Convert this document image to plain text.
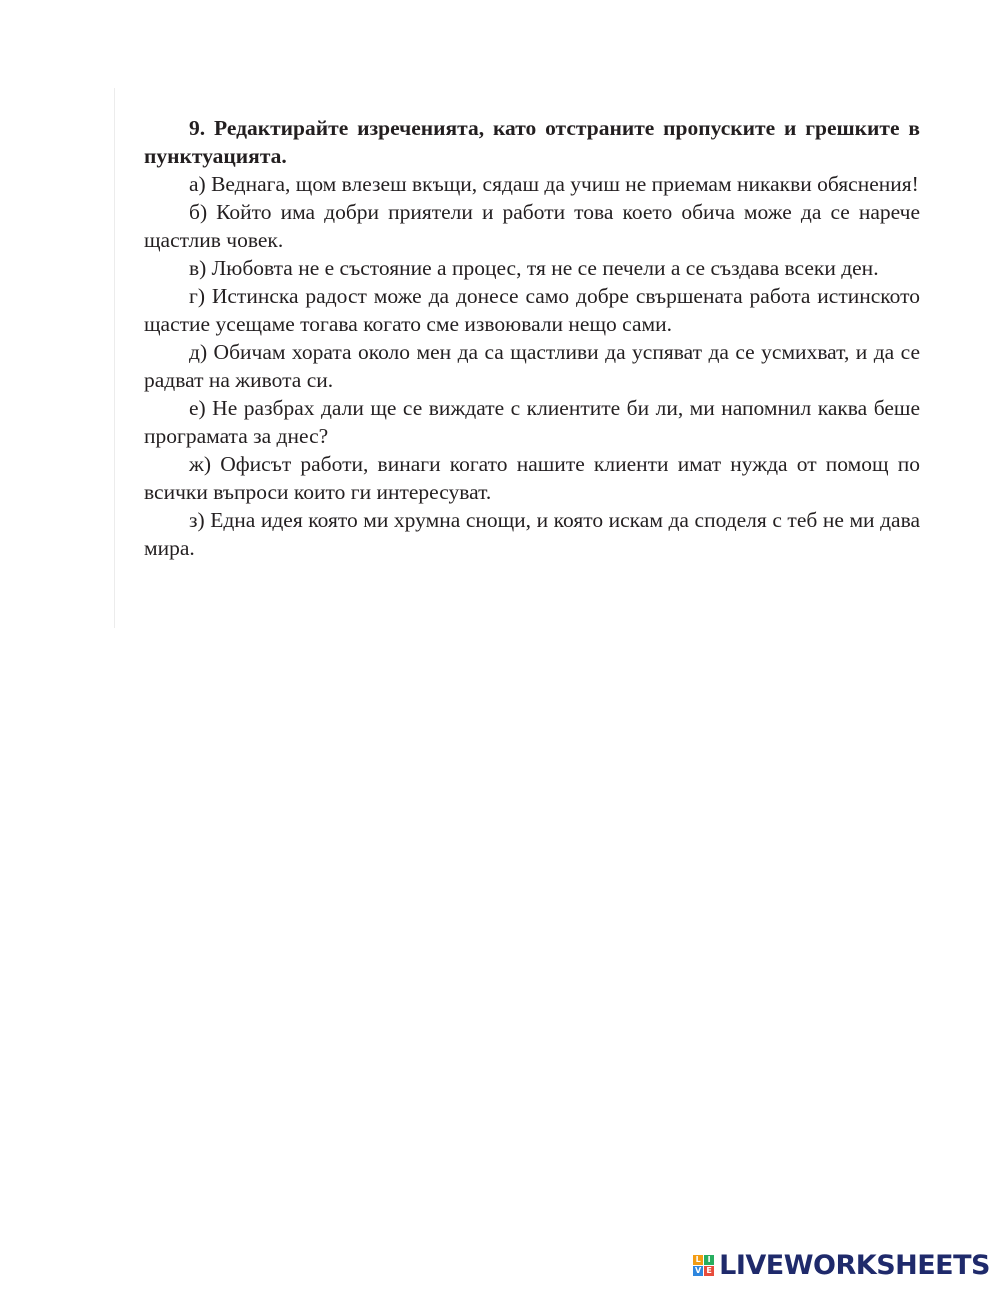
9. Редактирайте изреченията, като отстраните пропуските и грешките в пунктуацията.

а) Веднага, щом влезеш вкъщи, сядаш да учиш не приемам никакви обяснения!

б) Който има добри приятели и работи това което обича може да се нарече щастлив човек.

в) Любовта не е състояние а процес, тя не се печели а се създава всеки ден.

г) Истинска радост може да донесе само добре свършената работа истинското щастие усещаме тогава когато сме извоювали нещо сами.

д) Обичам хората около мен да са щастливи да успяват да се усмихват, и да се радват на живота си.

е) Не разбрах дали ще се виждате с клиентите би ли, ми напомнил каква беше програмата за днес?

ж) Офисът работи, винаги когато нашите клиенти имат нужда от помощ по всички въпроси които ги интересуват.

з) Една идея която ми хрумна снощи, и която искам да споделя с теб не ми дава мира.

L I
V E LIVEWORKSHEETS
